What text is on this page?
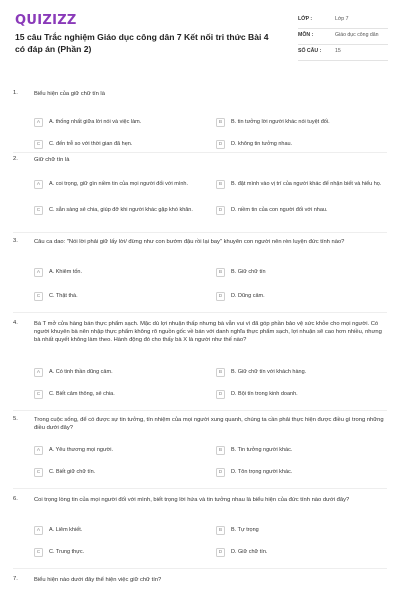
QUIZIZZ
15 câu Trắc nghiệm Giáo dục công dân 7 Kết nối tri thức Bài 4 có đáp án (Phần 2)
LỚP :	Lớp 7
MÔN :	Giáo dục công dân
SỐ CÂU :	15
1.	Biểu hiện của giữ chữ tín là
A	A. thống nhất giữa lời nói và việc làm.	B	B. tin tưởng lời người khác nói tuyệt đối.
C	C. đến trễ so với thời gian đã hẹn.	D	D. không tin tưởng nhau.
2.	Giữ chữ tín là
A	A. coi trọng, giữ gìn niềm tin của mọi người đối với mình.	B	B. đặt mình vào vị trí của người khác để nhận biết và hiểu họ.
C	C. sẵn sàng sẻ chia, giúp đỡ khi người khác gặp khó khăn.	D	D. niềm tin của con người đối với nhau.
3.	Câu ca dao: "Nói lời phải giữ lấy lời/ đừng như con bướm đậu rồi lại bay" khuyên con người nên rèn luyện đức tính nào?
A	A. Khiêm tốn.	B	B. Giữ chữ tín
C	C. Thật thà.	D	D. Dũng cảm.
4.	Bà T mở cửa hàng bán thực phẩm sạch. Mặc dù lợi nhuận thấp nhưng bà vẫn vui vì đã góp phần bảo vệ sức khỏe cho mọi người. Có người khuyên bà nên nhập thực phẩm không rõ nguồn gốc về bán với danh nghĩa thực phẩm sạch, lợi nhuận sẽ cao hơn nhiều, nhưng bà nhất quyết không làm theo. Hành động đó cho thấy bà X là người như thế nào?
A	A. Có tinh thần dũng cảm.	B	B. Giữ chữ tín với khách hàng.
C	C. Biết cảm thông, sẻ chia.	D	D. Bội tín trong kinh doanh.
5.	Trong cuộc sống, để có được sự tin tưởng, tín nhiệm của mọi người xung quanh, chúng ta cần phải thực hiện được điều gì trong những điều dưới đây?
A	A. Yêu thương mọi người.	B	B. Tin tưởng người khác.
C	C. Biết giữ chữ tín.	D	D. Tôn trọng người khác.
6.	Coi trọng lòng tin của mọi người đối với mình, biết trọng lời hứa và tin tưởng nhau là biểu hiện của đức tính nào dưới đây?
A	A. Liêm khiết.	B	B. Tự trọng
C	C. Trung thực.	D	D. Giữ chữ tín.
7.	Biểu hiện nào dưới đây thể hiện việc giữ chữ tín?
